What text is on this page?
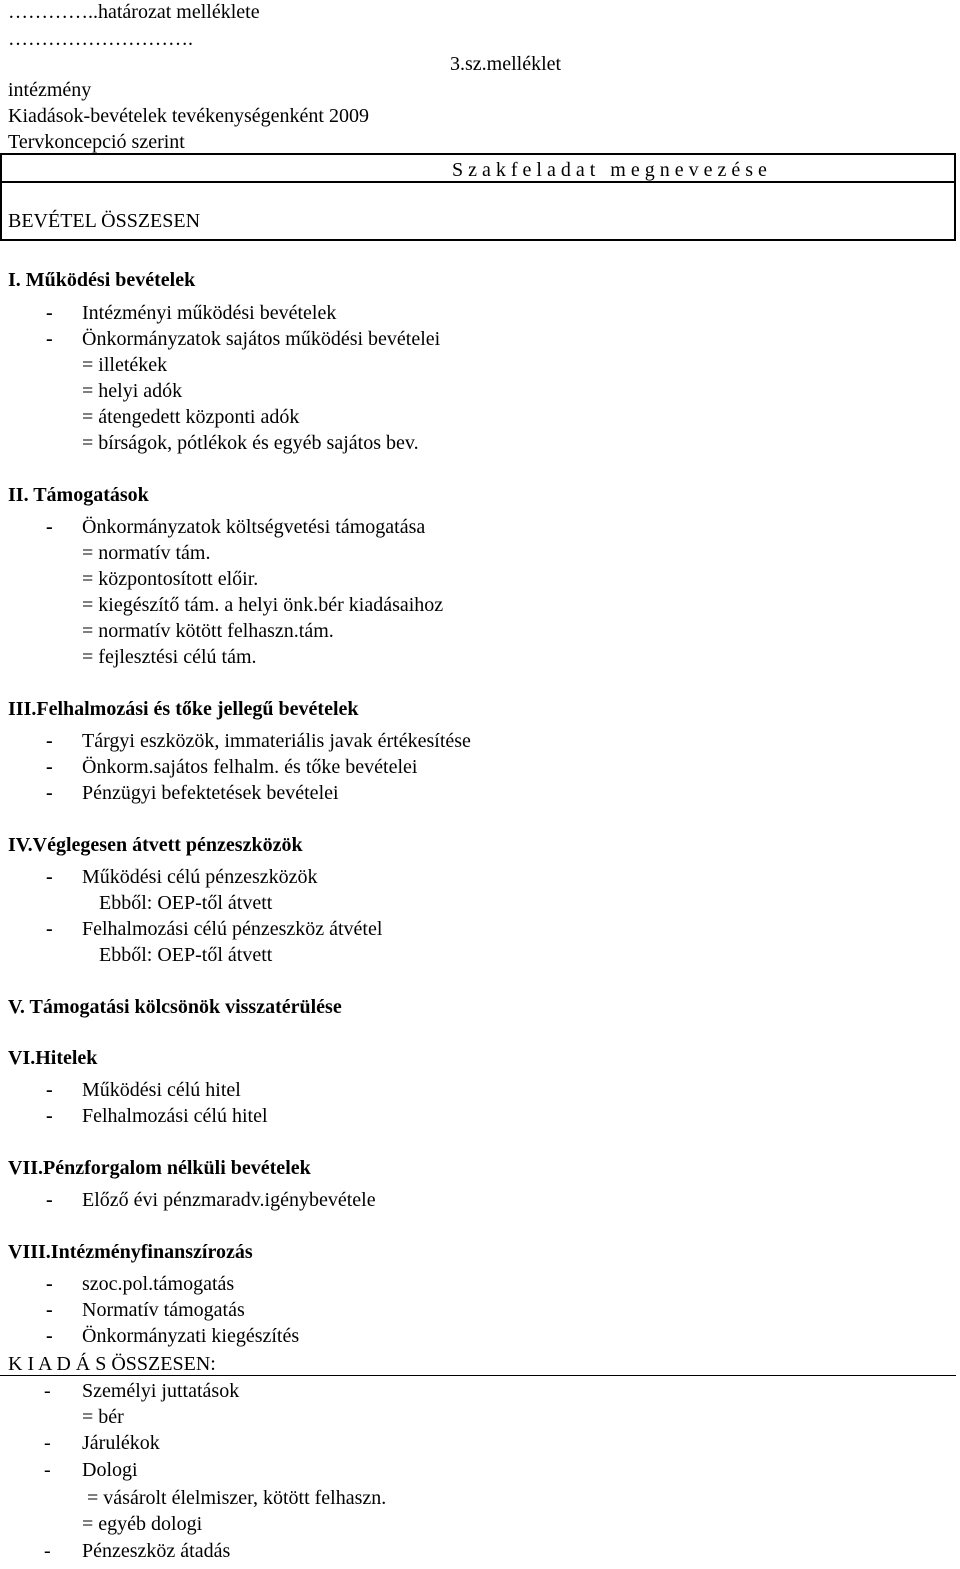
…………..határozat melléklete
……………………….
3.sz.melléklet
intézmény
Kiadások-bevételek tevékenységenként 2009
Tervkoncepció szerint
S z a k f e l a d a t   m e g n e v e z é s e
BEVÉTEL ÖSSZESEN
I. Működési bevételek
- Intézményi működési bevételek
- Önkormányzatok sajátos működési bevételei
= illetékek
= helyi adók
= átengedett központi adók
= bírságok, pótlékok és egyéb sajátos bev.
II. Támogatások
- Önkormányzatok költségvetési támogatása
= normatív tám.
= központosított előir.
= kiegészítő tám. a helyi önk.bér kiadásaihoz
= normatív kötött felhaszn.tám.
= fejlesztési célú tám.
III.Felhalmozási és tőke jellegű bevételek
- Tárgyi eszközök, immateriális javak értékesítése
- Önkorm.sajátos felhalm. és tőke bevételei
- Pénzügyi befektetések bevételei
IV.Véglegesen átvett pénzeszközök
- Működési célú pénzeszközök
Ebből: OEP-től átvett
- Felhalmozási célú pénzeszköz átvétel
Ebből: OEP-től átvett
V. Támogatási kölcsönök visszatérülése
VI.Hitelek
- Működési célú hitel
- Felhalmozási célú hitel
VII.Pénzforgalom nélküli bevételek
- Előző évi pénzmaradv.igénybevétele
VIII.Intézményfinanszírozás
- szoc.pol.támogatás
- Normatív támogatás
- Önkormányzati kiegészítés
K I A D Á S ÖSSZESEN:
- Személyi juttatások
= bér
- Járulékok
- Dologi
= vásárolt élelmiszer, kötött felhaszn.
= egyéb dologi
- Pénzeszköz átadás
